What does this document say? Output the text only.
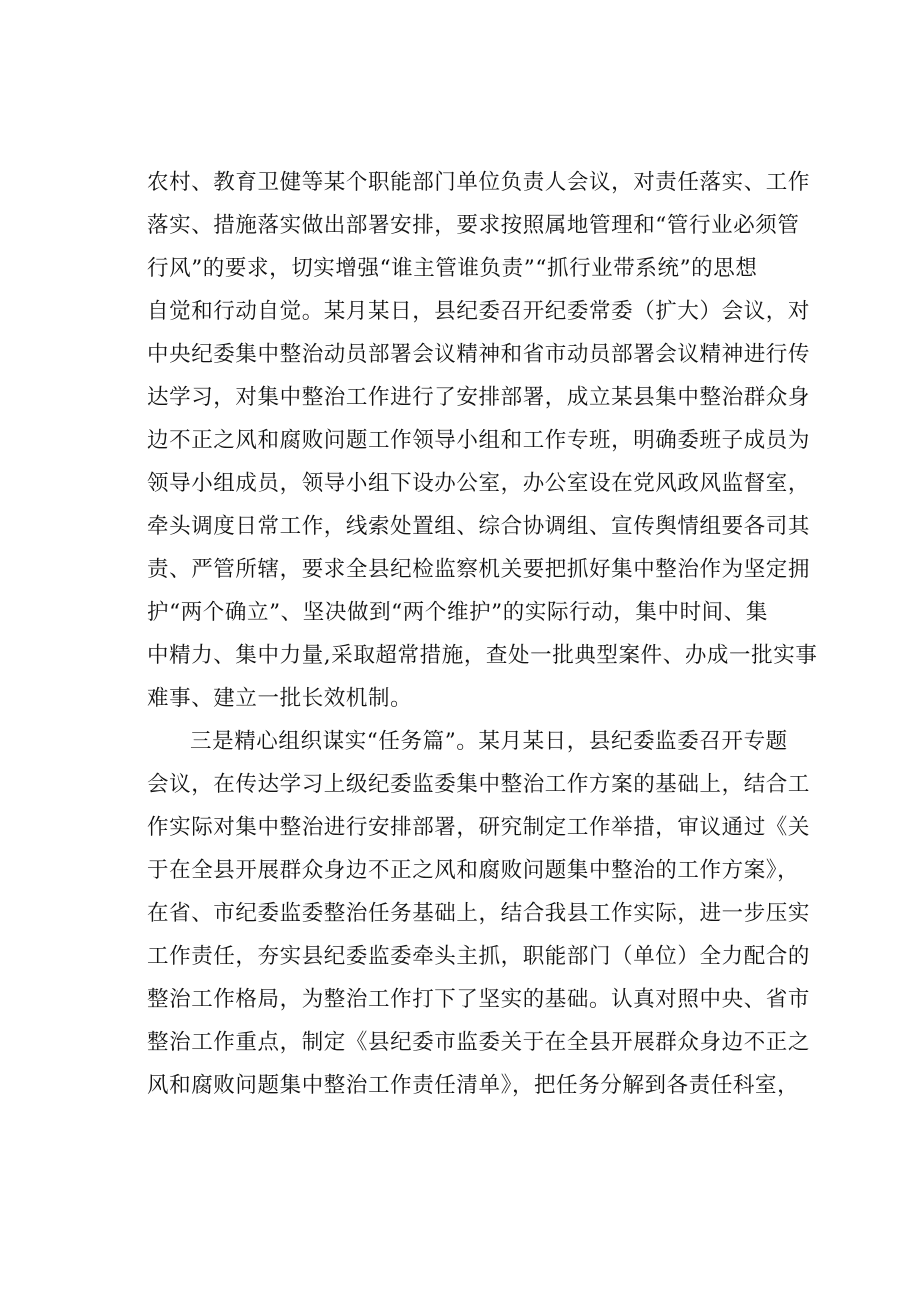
农村、教育卫健等某个职能部门单位负责人会议，对责任落实、工作
落实、措施落实做出部署安排，要求按照属地管理和“管行业必须管
行风”的要求，切实增强“谁主管谁负责”“抓行业带系统”的思想
自觉和行动自觉。某月某日，县纪委召开纪委常委（扩大）会议，对
中央纪委集中整治动员部署会议精神和省市动员部署会议精神进行传
达学习，对集中整治工作进行了安排部署，成立某县集中整治群众身
边不正之风和腐败问题工作领导小组和工作专班，明确委班子成员为
领导小组成员，领导小组下设办公室，办公室设在党风政风监督室，
牵头调度日常工作，线索处置组、综合协调组、宣传舆情组要各司其
责、严管所辖，要求全县纪检监察机关要把抓好集中整治作为坚定拥
护“两个确立”、坚决做到“两个维护”的实际行动，集中时间、集
中精力、集中力量,采取超常措施，查处一批典型案件、办成一批实事
难事、建立一批长效机制。
三是精心组织谋实“任务篇”。某月某日，县纪委监委召开专题
会议，在传达学习上级纪委监委集中整治工作方案的基础上，结合工
作实际对集中整治进行安排部署，研究制定工作举措，审议通过《关
于在全县开展群众身边不正之风和腐败问题集中整治的工作方案》，
在省、市纪委监委整治任务基础上，结合我县工作实际，进一步压实
工作责任，夯实县纪委监委牵头主抓，职能部门（单位）全力配合的
整治工作格局，为整治工作打下了坚实的基础。认真对照中央、省市
整治工作重点，制定《县纪委市监委关于在全县开展群众身边不正之
风和腐败问题集中整治工作责任清单》，把任务分解到各责任科室，
